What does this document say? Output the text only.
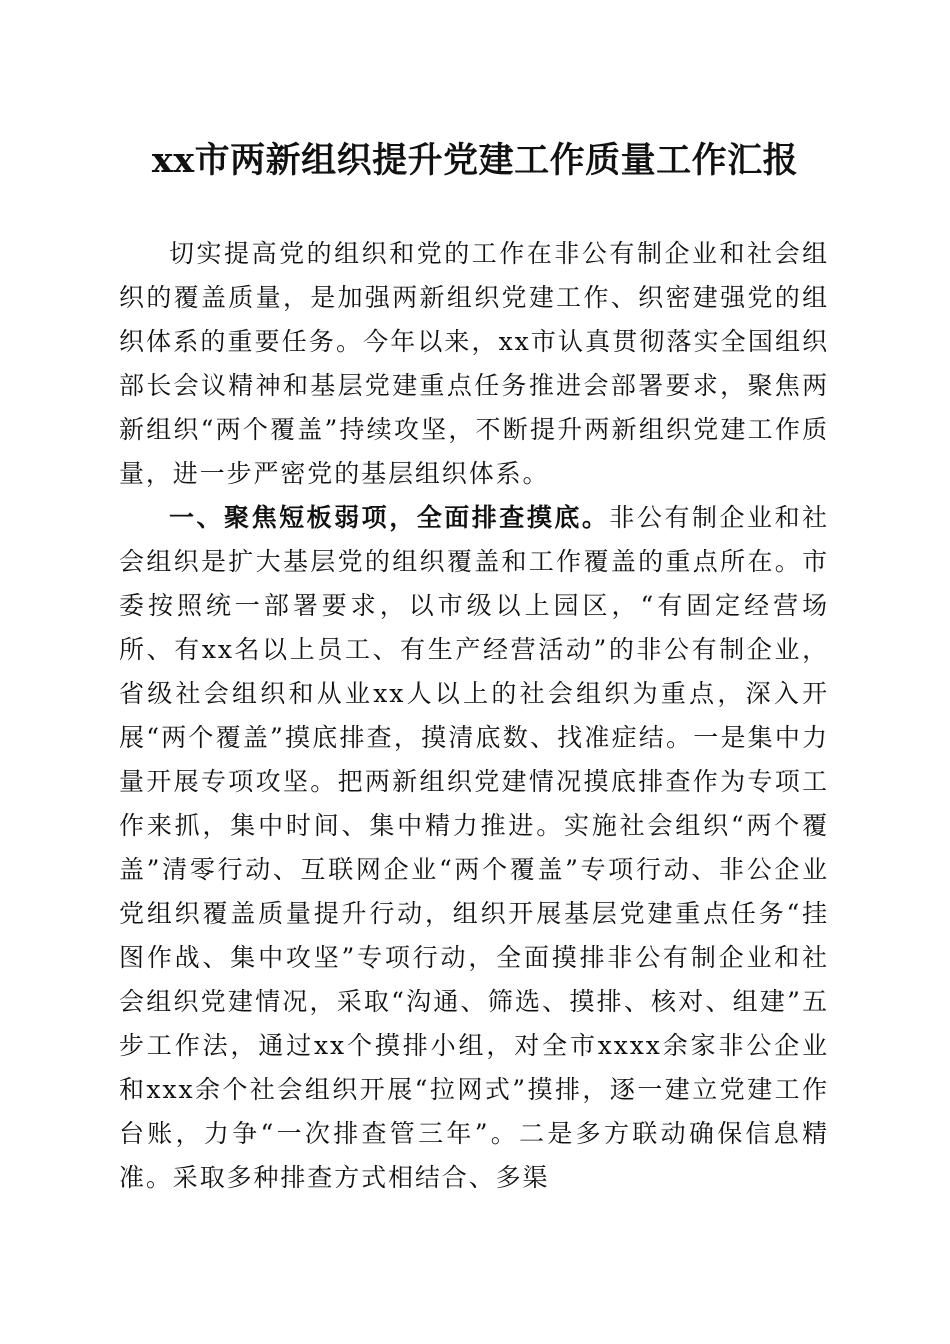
xx市两新组织提升党建工作质量工作汇报

切实提高党的组织和党的工作在非公有制企业和社会组织的覆盖质量，是加强两新组织党建工作、织密建强党的组织体系的重要任务。今年以来，xx市认真贯彻落实全国组织部长会议精神和基层党建重点任务推进会部署要求，聚焦两新组织“两个覆盖”持续攻坚，不断提升两新组织党建工作质量，进一步严密党的基层组织体系。

一、聚焦短板弱项，全面排查摸底。非公有制企业和社会组织是扩大基层党的组织覆盖和工作覆盖的重点所在。市委按照统一部署要求，以市级以上园区，“有固定经营场所、有xx名以上员工、有生产经营活动”的非公有制企业，省级社会组织和从业xx人以上的社会组织为重点，深入开展“两个覆盖”摸底排查，摸清底数、找准症结。一是集中力量开展专项攻坚。把两新组织党建情况摸底排查作为专项工作来抓，集中时间、集中精力推进。实施社会组织“两个覆盖”清零行动、互联网企业“两个覆盖”专项行动、非公企业党组织覆盖质量提升行动，组织开展基层党建重点任务“挂图作战、集中攻坚”专项行动，全面摸排非公有制企业和社会组织党建情况，采取“沟通、筛选、摸排、核对、组建”五步工作法，通过xx个摸排小组，对全市xxxx余家非公企业和xxx余个社会组织开展“拉网式”摸排，逐一建立党建工作台账，力争“一次排查管三年”。二是多方联动确保信息精准。采取多种排查方式相结合、多渠
